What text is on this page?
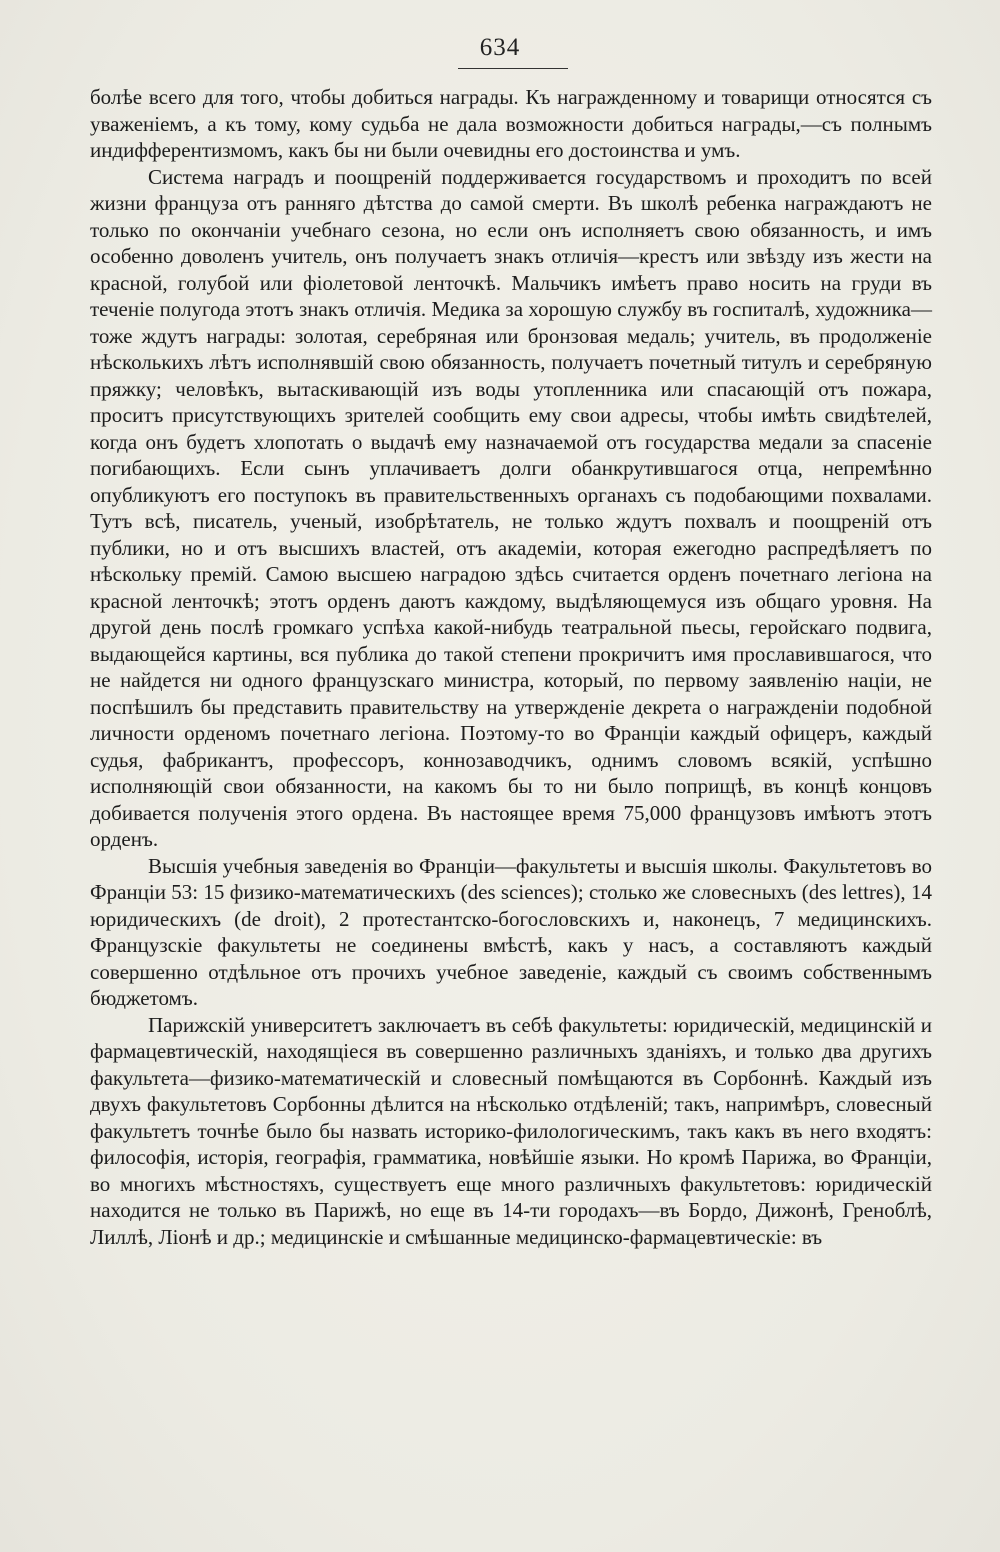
634

болѣе всего для того, чтобы добиться награды. Къ награжденному и товарищи относятся съ уваженіемъ, а къ тому, кому судьба не дала возможности добиться награды,—съ полнымъ индифферентизмомъ, какъ бы ни были очевидны его достоинства и умъ.

Система наградъ и поощреній поддерживается государствомъ и проходитъ по всей жизни француза отъ ранняго дѣтства до самой смерти. Въ школѣ ребенка награждаютъ не только по окончаніи учебнаго сезона, но если онъ исполняетъ свою обязанность, и имъ особенно доволенъ учитель, онъ получаетъ знакъ отличія—крестъ или звѣзду изъ жести на красной, голубой или фіолетовой ленточкѣ. Мальчикъ имѣетъ право носить на груди въ теченіе полугода этотъ знакъ отличія. Медика за хорошую службу въ госпиталѣ, художника—тоже ждутъ награды: золотая, серебряная или бронзовая медаль; учитель, въ продолженіе нѣсколькихъ лѣтъ исполнявшій свою обязанность, получаетъ почетный титулъ и серебряную пряжку; человѣкъ, вытаскивающій изъ воды утопленника или спасающій отъ пожара, проситъ присутствующихъ зрителей сообщить ему свои адресы, чтобы имѣть свидѣтелей, когда онъ будетъ хлопотать о выдачѣ ему назначаемой отъ государства медали за спасеніе погибающихъ. Если сынъ уплачиваетъ долги обанкрутившагося отца, непремѣнно опубликуютъ его поступокъ въ правительственныхъ органахъ съ подобающими похвалами. Тутъ всѣ, писатель, ученый, изобрѣтатель, не только ждутъ похвалъ и поощреній отъ публики, но и отъ высшихъ властей, отъ академіи, которая ежегодно распредѣляетъ по нѣскольку премій. Самою высшею наградою здѣсь считается орденъ почетнаго легіона на красной ленточкѣ; этотъ орденъ даютъ каждому, выдѣляющемуся изъ общаго уровня. На другой день послѣ громкаго успѣха какой-нибудь театральной пьесы, геройскаго подвига, выдающейся картины, вся публика до такой степени прокричитъ имя прославившагося, что не найдется ни одного французскаго министра, который, по первому заявленію націи, не поспѣшилъ бы представить правительству на утвержденіе декрета о награжденіи подобной личности орденомъ почетнаго легіона. Поэтому-то во Франціи каждый офицеръ, каждый судья, фабрикантъ, профессоръ, коннозаводчикъ, однимъ словомъ всякій, успѣшно исполняющій свои обязанности, на какомъ бы то ни было поприщѣ, въ концѣ концовъ добивается полученія этого ордена. Въ настоящее время 75,000 французовъ имѣютъ этотъ орденъ.

Высшія учебныя заведенія во Франціи—факультеты и высшія школы. Факультетовъ во Франціи 53: 15 физико-математическихъ (des sciences); столько же словесныхъ (des lettres), 14 юридическихъ (de droit), 2 протестантско-богословскихъ и, наконецъ, 7 медицинскихъ. Французскіе факультеты не соединены вмѣстѣ, какъ у насъ, а составляютъ каждый совершенно отдѣльное отъ прочихъ учебное заведеніе, каждый съ своимъ собственнымъ бюджетомъ.

Парижскій университетъ заключаетъ въ себѣ факультеты: юридическій, медицинскій и фармацевтическій, находящіеся въ совершенно различныхъ зданіяхъ, и только два другихъ факультета—физико-математическій и словесный помѣщаются въ Сорбоннѣ. Каждый изъ двухъ факультетовъ Сорбонны дѣлится на нѣсколько отдѣленій; такъ, напримѣръ, словесный факультетъ точнѣе было бы назвать историко-филологическимъ, такъ какъ въ него входятъ: философія, исторія, географія, грамматика, новѣйшіе языки. Но кромѣ Парижа, во Франціи, во многихъ мѣстностяхъ, существуетъ еще много различныхъ факультетовъ: юридическій находится не только въ Парижѣ, но еще въ 14-ти городахъ—въ Бордо, Дижонѣ, Греноблѣ, Лиллѣ, Ліонѣ и др.; медицинскіе и смѣшанные медицинско-фармацевтическіе: въ
